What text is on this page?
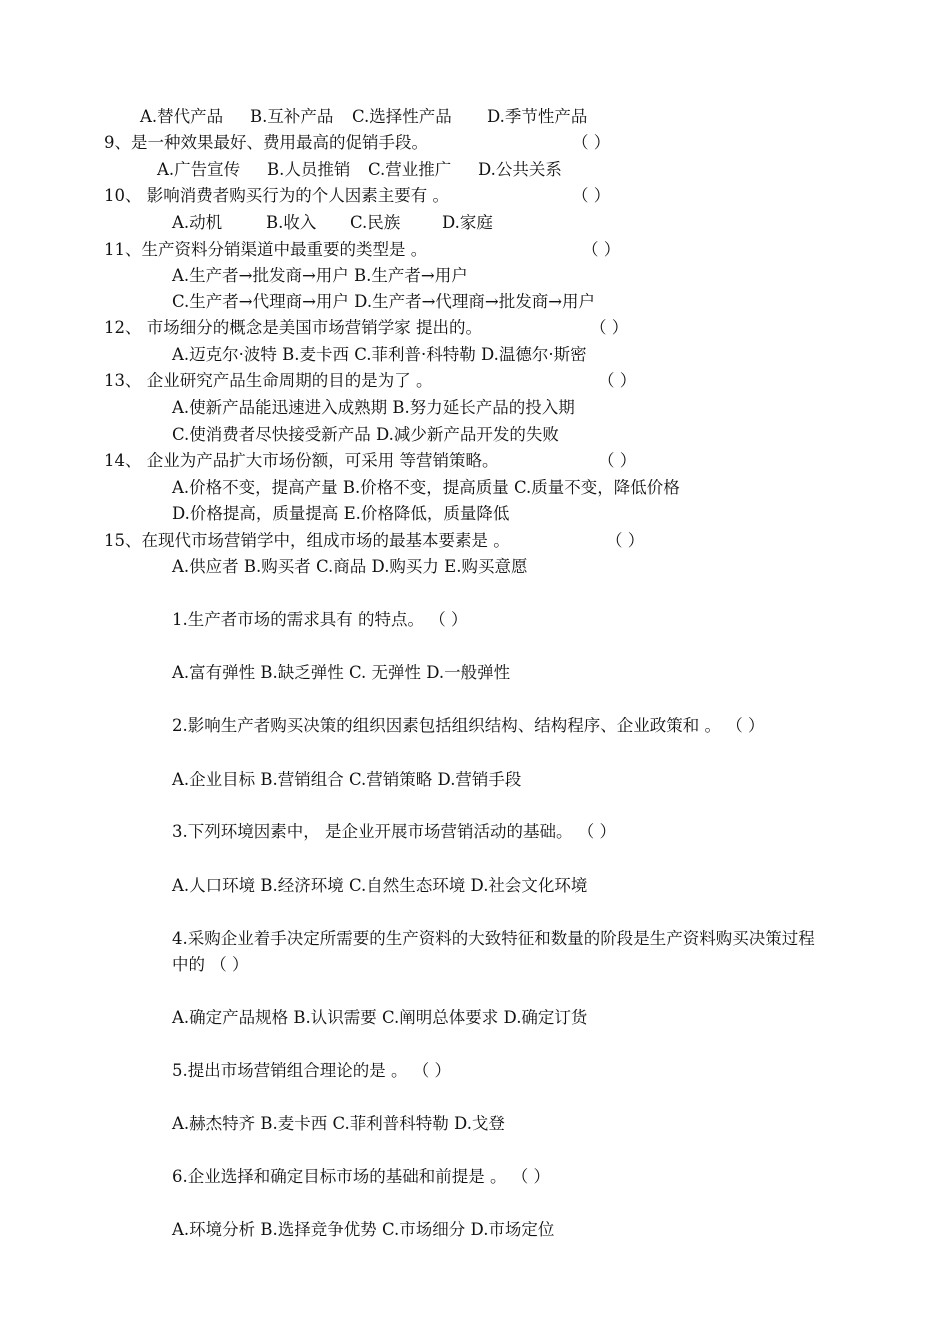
A.替代产品 B.互补产品 C.选择性产品 D.季节性产品
9、是一种效果最好、费用最高的促销手段。	（ ）
A.广告宣传 B.人员推销 C.营业推广 D.公共关系
10、 影响消费者购买行为的个人因素主要有 。	（ ）
A.动机	B.收入 C.民族	D.家庭
11、生产资料分销渠道中最重要的类型是 。	（ ）
A.生产者→批发商→用户 B.生产者→用户
C.生产者→代理商→用户 D.生产者→代理商→批发商→用户
12、 市场细分的概念是美国市场营销学家 提出的。	（ ）
A.迈克尔·波特 B.麦卡西 C.菲利普·科特勒 D.温德尔·斯密
13、 企业研究产品生命周期的目的是为了 。	（ ）
A.使新产品能迅速进入成熟期 B.努力延长产品的投入期
C.使消费者尽快接受新产品 D.减少新产品开发的失败
14、 企业为产品扩大市场份额，可采用 等营销策略。	（ ）
A.价格不变，提高产量 B.价格不变，提高质量 C.质量不变，降低价格
D.价格提高，质量提高 E.价格降低，质量降低
15、在现代市场营销学中，组成市场的最基本要素是 。	（ ）
A.供应者 B.购买者 C.商品 D.购买力 E.购买意愿
1.生产者市场的需求具有 的特点。 （ ）
A.富有弹性 B.缺乏弹性 C. 无弹性 D.一般弹性
2.影响生产者购买决策的组织因素包括组织结构、结构程序、企业政策和 。 （ ）
A.企业目标 B.营销组合 C.营销策略 D.营销手段
3.下列环境因素中， 是企业开展市场营销活动的基础。 （ ）
A.人口环境 B.经济环境 C.自然生态环境 D.社会文化环境
4.采购企业着手决定所需要的生产资料的大致特征和数量的阶段是生产资料购买决策过程
中的 （ ）
A.确定产品规格 B.认识需要 C.阐明总体要求 D.确定订货
5.提出市场营销组合理论的是 。 （ ）
A.赫杰特齐 B.麦卡西 C.菲利普科特勒 D.戈登
6.企业选择和确定目标市场的基础和前提是 。 （ ）
A.环境分析 B.选择竞争优势 C.市场细分 D.市场定位
